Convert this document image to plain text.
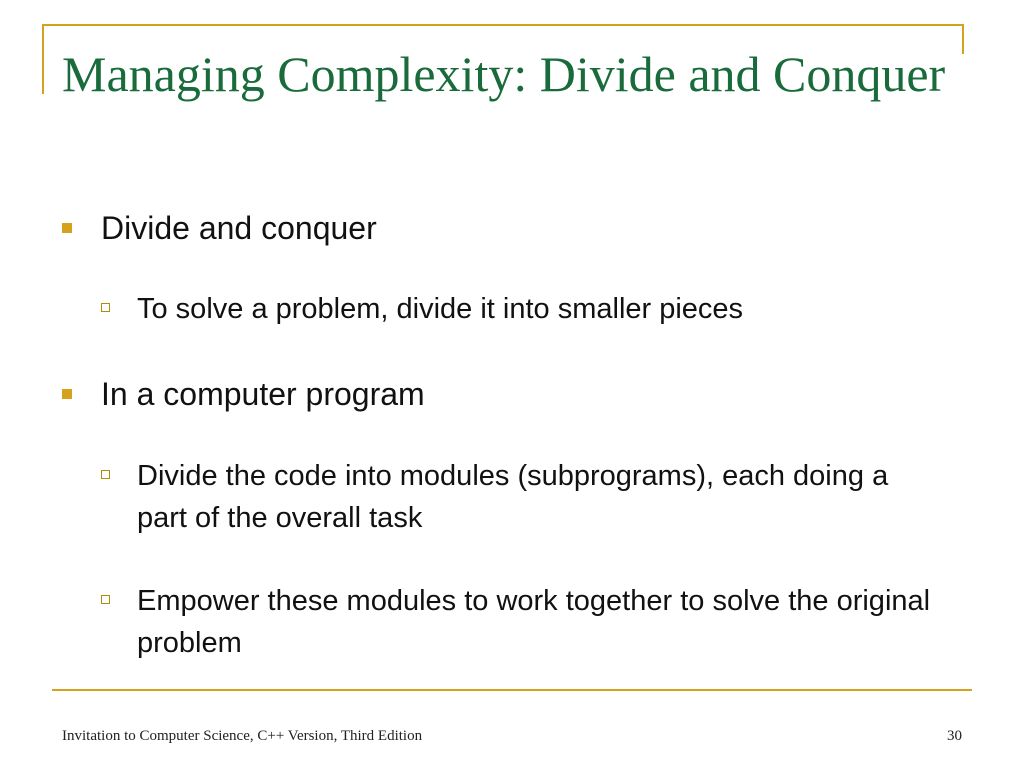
Managing Complexity: Divide and Conquer
Divide and conquer
To solve a problem, divide it into smaller pieces
In a computer program
Divide the code into modules (subprograms), each doing a part of the overall task
Empower these modules to work together to solve the original problem
Invitation to Computer Science, C++ Version, Third Edition	30
